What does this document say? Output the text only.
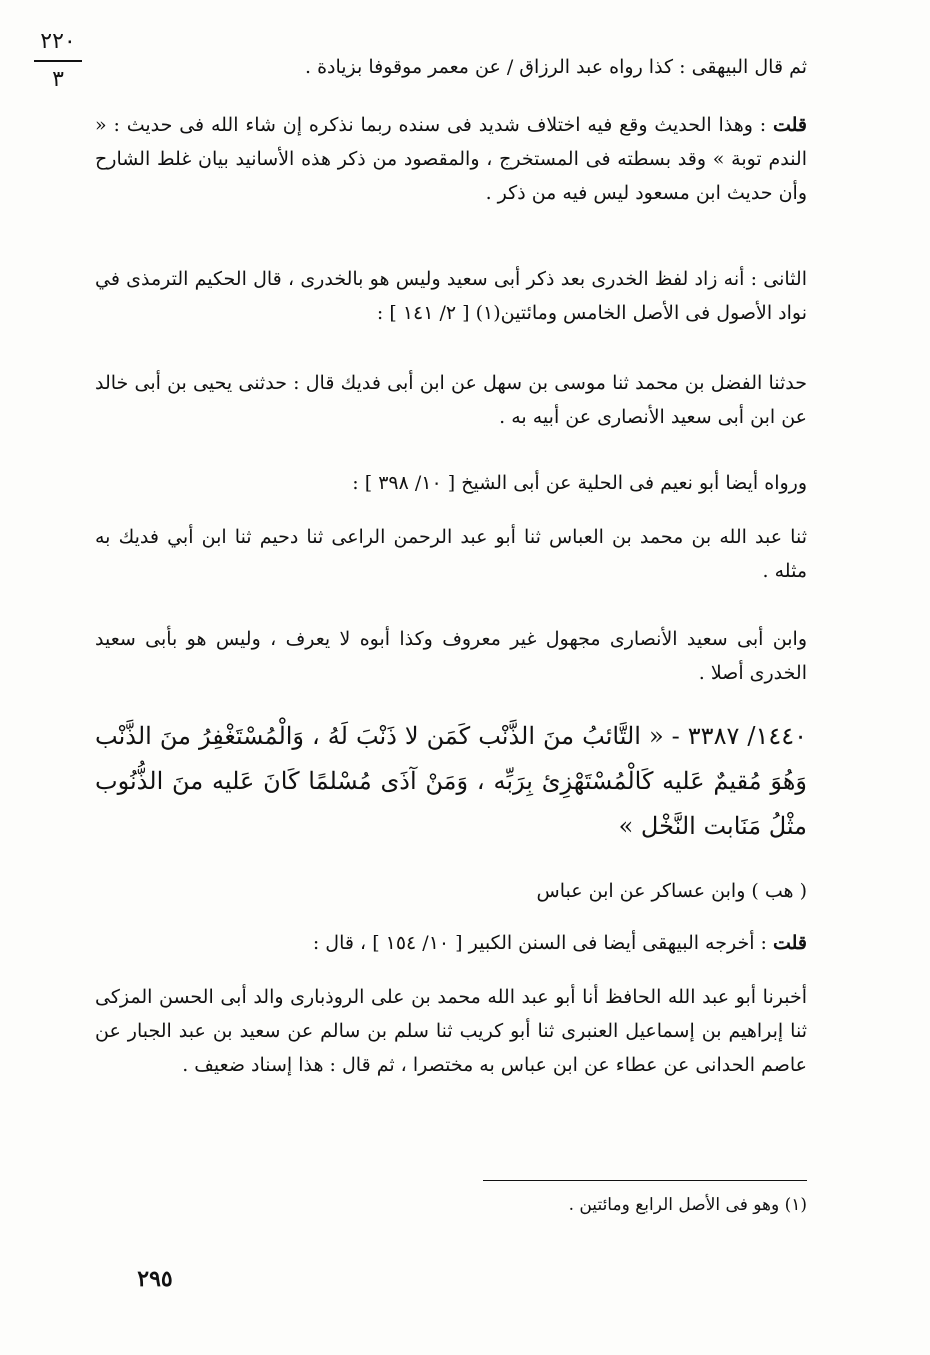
٢٢٠
٣	ثم قال البيهقى : كذا رواه عبد الرزاق / عن معمر موقوفا بزيادة .
قلت : وهذا الحديث وقع فيه اختلاف شديد فى سنده ربما نذكره إن شاء الله فى حديث : « الندم توبة » وقد بسطته فى المستخرج ، والمقصود من ذكر هذه الأسانيد بيان غلط الشارح وأن حديث ابن مسعود ليس فيه من ذكر .
الثانى : أنه زاد لفظ الخدرى بعد ذكر أبى سعيد وليس هو بالخدرى ، قال الحكيم الترمذى في نواد الأصول فى الأصل الخامس ومائتين(١) [ ٢/ ١٤١ ] :
حدثنا الفضل بن محمد ثنا موسى بن سهل عن ابن أبى فديك قال : حدثنى يحيى بن أبى خالد عن ابن أبى سعيد الأنصارى عن أبيه به .
ورواه أيضا أبو نعيم فى الحلية عن أبى الشيخ [ ١٠/ ٣٩٨ ] :
ثنا عبد الله بن محمد بن العباس ثنا أبو عبد الرحمن الراعى ثنا دحيم ثنا ابن أبي فديك به مثله .
وابن أبى سعيد الأنصارى مجهول غير معروف وكذا أبوه لا يعرف ، وليس هو بأبى سعيد الخدرى أصلا .
١٤٤٠/ ٣٣٨٧ - « التَّائبُ منَ الذَّنْب كَمَن لا ذَنْبَ لَهُ ، وَالْمُسْتَغْفِرُ منَ الذَّنْب وَهُوَ مُقيمٌ عَليه كَالْمُسْتَهْزِئ بِرَبِّه ، وَمَنْ آذَى مُسْلمًا كَانَ عَليه منَ الذُّنُوب مثْلُ مَنَابت النَّخْل »
( هب ) وابن عساكر عن ابن عباس
قلت : أخرجه البيهقى أيضا فى السنن الكبير [ ١٠/ ١٥٤ ] ، قال :
أخبرنا أبو عبد الله الحافظ أنا أبو عبد الله محمد بن على الروذبارى والد أبى الحسن المزكى ثنا إبراهيم بن إسماعيل العنبرى ثنا أبو كريب ثنا سلم بن سالم عن سعيد بن عبد الجبار عن عاصم الحدانى عن عطاء عن ابن عباس به مختصرا ، ثم قال : هذا إسناد ضعيف .
(١) وهو فى الأصل الرابع ومائتين .
٢٩٥
